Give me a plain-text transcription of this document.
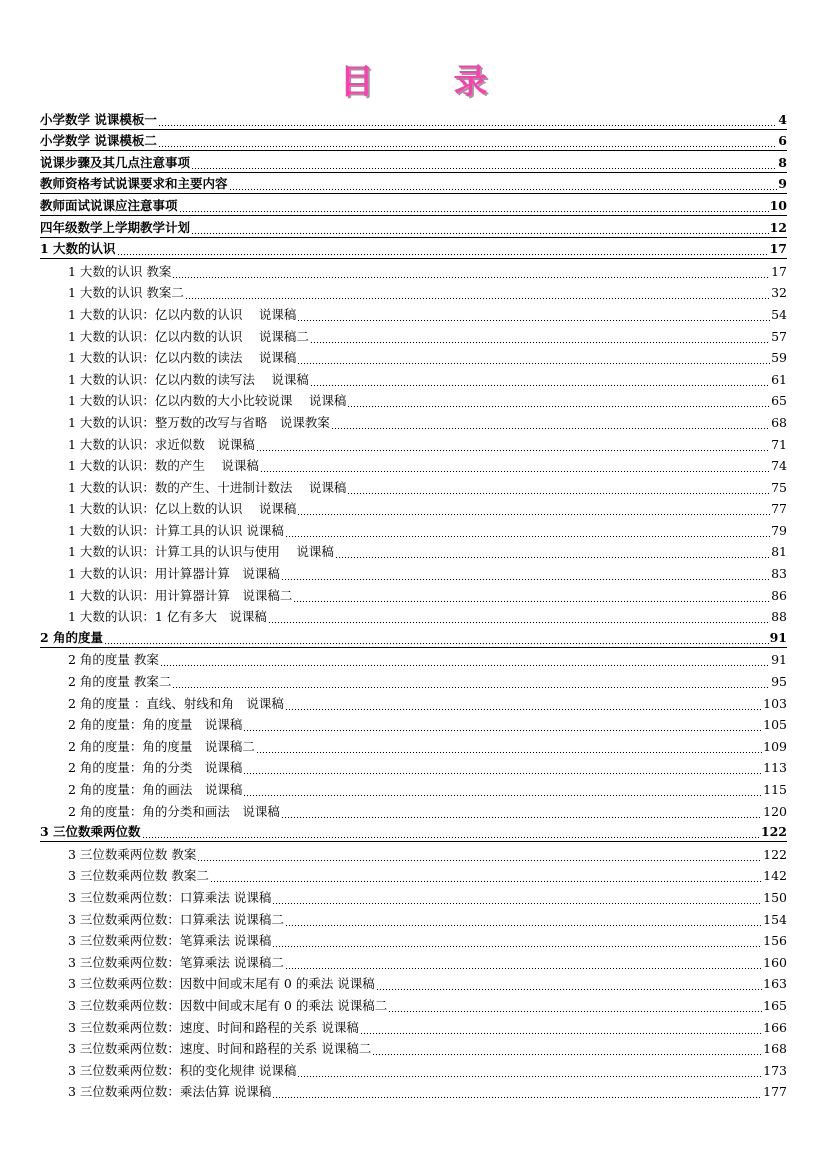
目 录
小学数学 说课模板一	4
小学数学 说课模板二	6
说课步骤及其几点注意事项	8
教师资格考试说课要求和主要内容	9
教师面试说课应注意事项	10
四年级数学上学期教学计划	12
1 大数的认识	17
1 大数的认识 教案	17
1 大数的认识 教案二	32
1 大数的认识：亿以内数的认识　 说课稿	54
1 大数的认识：亿以内数的认识　 说课稿二	57
1 大数的认识：亿以内数的读法　 说课稿	59
1 大数的认识：亿以内数的读写法　 说课稿	61
1 大数的认识：亿以内数的大小比较说课　 说课稿	65
1 大数的认识：整万数的改写与省略　说课教案	68
1 大数的认识：求近似数　说课稿	71
1 大数的认识：数的产生　 说课稿	74
1 大数的认识：数的产生、十进制计数法　 说课稿	75
1 大数的认识：亿以上数的认识　 说课稿	77
1 大数的认识：计算工具的认识 说课稿	79
1 大数的认识：计算工具的认识与使用　 说课稿	81
1 大数的认识：用计算器计算　说课稿	83
1 大数的认识：用计算器计算　说课稿二	86
1 大数的认识：1 亿有多大　说课稿	88
2 角的度量	91
2 角的度量 教案	91
2 角的度量 教案二	95
2 角的度量 ：直线、射线和角　说课稿	103
2 角的度量：角的度量　说课稿	105
2 角的度量：角的度量　说课稿二	109
2 角的度量：角的分类　说课稿	113
2 角的度量：角的画法　说课稿	115
2 角的度量：角的分类和画法　说课稿	120
3 三位数乘两位数	122
3 三位数乘两位数 教案	122
3 三位数乘两位数 教案二	142
3 三位数乘两位数：口算乘法 说课稿	150
3 三位数乘两位数：口算乘法 说课稿二	154
3 三位数乘两位数：笔算乘法 说课稿	156
3 三位数乘两位数：笔算乘法 说课稿二	160
3 三位数乘两位数：因数中间或末尾有 0 的乘法 说课稿	163
3 三位数乘两位数：因数中间或末尾有 0 的乘法 说课稿二	165
3 三位数乘两位数：速度、时间和路程的关系 说课稿	166
3 三位数乘两位数：速度、时间和路程的关系 说课稿二	168
3 三位数乘两位数：积的变化规律 说课稿	173
3 三位数乘两位数：乘法估算 说课稿	177
